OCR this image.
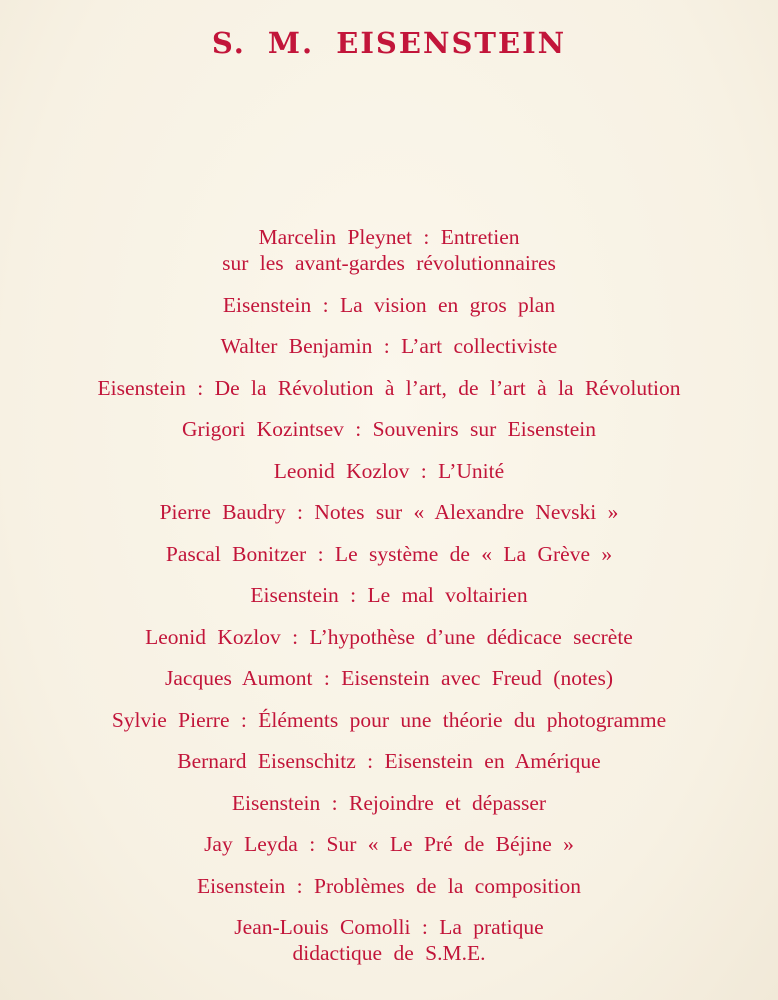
S. M. EISENSTEIN
Marcelin Pleynet : Entretien
sur les avant-gardes révolutionnaires
Eisenstein : La vision en gros plan
Walter Benjamin : L’art collectiviste
Eisenstein : De la Révolution à l’art, de l’art à la Révolution
Grigori Kozintsev : Souvenirs sur Eisenstein
Leonid Kozlov : L’Unité
Pierre Baudry : Notes sur « Alexandre Nevski »
Pascal Bonitzer : Le système de « La Grève »
Eisenstein : Le mal voltairien
Leonid Kozlov : L’hypothèse d’une dédicace secrète
Jacques Aumont : Eisenstein avec Freud (notes)
Sylvie Pierre : Éléments pour une théorie du photogramme
Bernard Eisenschitz : Eisenstein en Amérique
Eisenstein : Rejoindre et dépasser
Jay Leyda : Sur « Le Pré de Béjine »
Eisenstein : Problèmes de la composition
Jean-Louis Comolli : La pratique
didactique de S.M.E.
